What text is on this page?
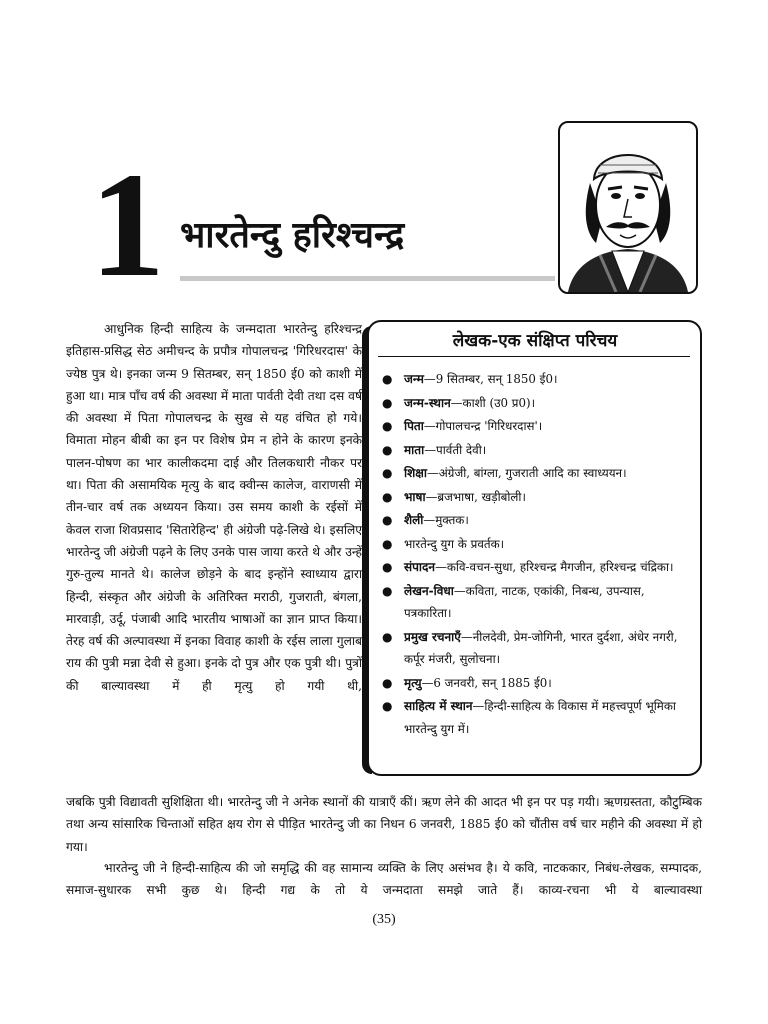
1 भारतेन्दु हरिश्चन्द्र

आधुनिक हिन्दी साहित्य के जन्मदाता भारतेन्दु हरिश्चन्द्र इतिहास-प्रसिद्ध सेठ अमीचन्द के प्रपौत्र गोपालचन्द्र 'गिरिधरदास' के ज्येष्ठ पुत्र थे। इनका जन्म 9 सितम्बर, सन् 1850 ई0 को काशी में हुआ था। मात्र पाँच वर्ष की अवस्था में माता पार्वती देवी तथा दस वर्ष की अवस्था में पिता गोपालचन्द्र के सुख से यह वंचित हो गये। विमाता मोहन बीबी का इन पर विशेष प्रेम न होने के कारण इनके पालन-पोषण का भार कालीकदमा दाई और तिलकधारी नौकर पर था। पिता की असामयिक मृत्यु के बाद क्वीन्स कालेज, वाराणसी में तीन-चार वर्ष तक अध्ययन किया। उस समय काशी के रईसों में केवल राजा शिवप्रसाद 'सितारेहिन्द' ही अंग्रेजी पढ़े-लिखे थे। इसलिए भारतेन्दु जी अंग्रेजी पढ़ने के लिए उनके पास जाया करते थे और उन्हें गुरु-तुल्य मानते थे। कालेज छोड़ने के बाद इन्होंने स्वाध्याय द्वारा हिन्दी, संस्कृत और अंग्रेजी के अतिरिक्त मराठी, गुजराती, बंगला, मारवाड़ी, उर्दू, पंजाबी आदि भारतीय भाषाओं का ज्ञान प्राप्त किया। तेरह वर्ष की अल्पावस्था में इनका विवाह काशी के रईस लाला गुलाब राय की पुत्री मन्ना देवी से हुआ। इनके दो पुत्र और एक पुत्री थी। पुत्रों की बाल्यावस्था में ही मृत्यु हो गयी थी,

लेखक-एक संक्षिप्त परिचय
● जन्म—9 सितम्बर, सन् 1850 ई0।
● जन्म-स्थान—काशी (उ0 प्र0)।
● पिता—गोपालचन्द्र 'गिरिधरदास'।
● माता—पार्वती देवी।
● शिक्षा—अंग्रेजी, बांग्ला, गुजराती आदि का स्वाध्ययन।
● भाषा—ब्रजभाषा, खड़ीबोली।
● शैली—मुक्तक।
● भारतेन्दु युग के प्रवर्तक।
● संपादन—कवि-वचन-सुधा, हरिश्चन्द्र मैगजीन, हरिश्चन्द्र चंद्रिका।
● लेखन-विधा—कविता, नाटक, एकांकी, निबन्ध, उपन्यास, पत्रकारिता।
● प्रमुख रचनाएँ—नीलदेवी, प्रेम-जोगिनी, भारत दुर्दशा, अंधेर नगरी, कर्पूर मंजरी, सुलोचना।
● मृत्यु—6 जनवरी, सन् 1885 ई0।
● साहित्य में स्थान—हिन्दी-साहित्य के विकास में महत्त्वपूर्ण भूमिका भारतेन्दु युग में।

जबकि पुत्री विद्यावती सुशिक्षिता थी। भारतेन्दु जी ने अनेक स्थानों की यात्राएँ कीं। ऋण लेने की आदत भी इन पर पड़ गयी। ऋणग्रस्तता, कौटुम्बिक तथा अन्य सांसारिक चिन्ताओं सहित क्षय रोग से पीड़ित भारतेन्दु जी का निधन 6 जनवरी, 1885 ई0 को चौंतीस वर्ष चार महीने की अवस्था में हो गया।

भारतेन्दु जी ने हिन्दी-साहित्य की जो समृद्धि की वह सामान्य व्यक्ति के लिए असंभव है। ये कवि, नाटककार, निबंध-लेखक, सम्पादक, समाज-सुधारक सभी कुछ थे। हिन्दी गद्य के तो ये जन्मदाता समझे जाते हैं। काव्य-रचना भी ये बाल्यावस्था

(35)
